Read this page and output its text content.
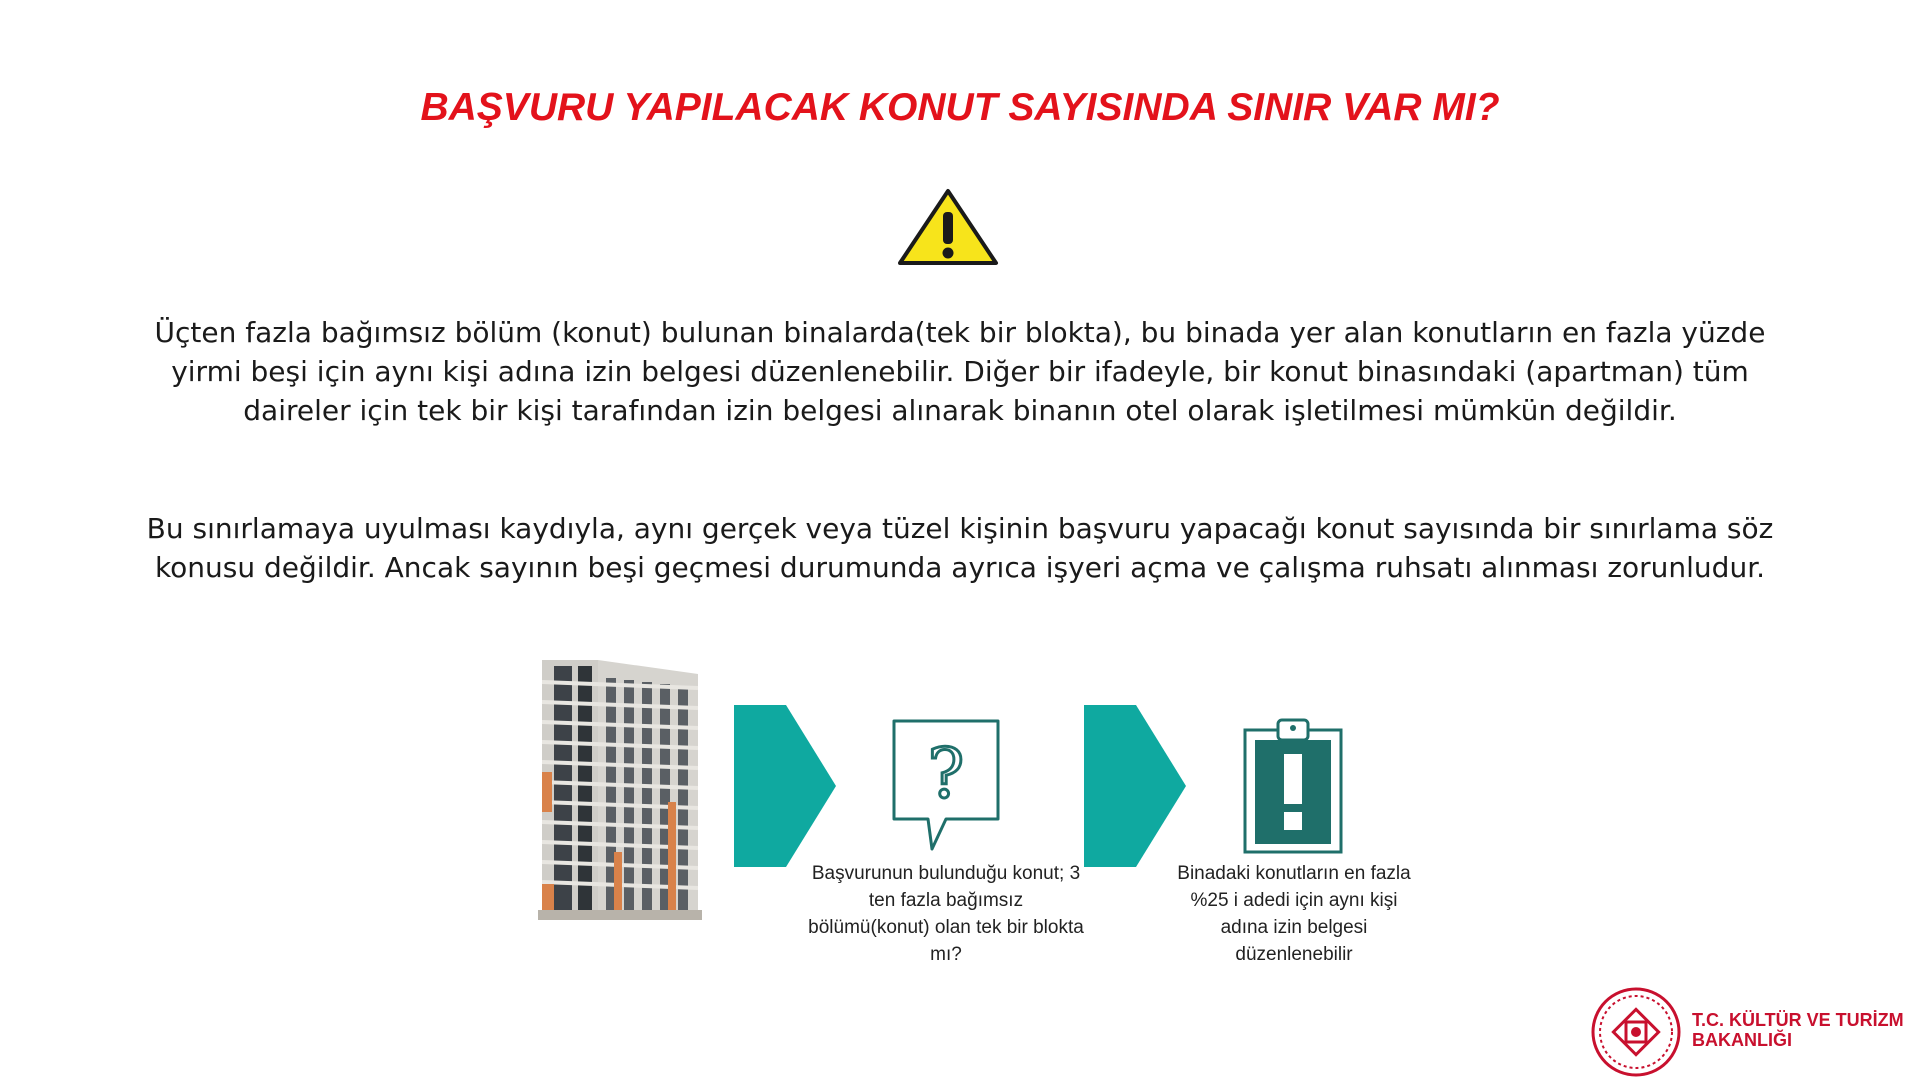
BAŞVURU YAPILACAK KONUT SAYISINDA SINIR VAR MI?

Üçten fazla bağımsız bölüm (konut) bulunan binalarda(tek bir blokta), bu binada yer alan konutların en fazla yüzde yirmi beşi için aynı kişi adına izin belgesi düzenlenebilir. Diğer bir ifadeyle, bir konut binasındaki (apartman) tüm daireler için tek bir kişi tarafından izin belgesi alınarak binanın otel olarak işletilmesi mümkün değildir.

Bu sınırlamaya uyulması kaydıyla, aynı gerçek veya tüzel kişinin başvuru yapacağı konut sayısında bir sınırlama söz konusu değildir. Ancak sayının beşi geçmesi durumunda ayrıca işyeri açma ve çalışma ruhsatı alınması zorunludur.

?

Başvurunun bulunduğu konut; 3 ten fazla bağımsız bölümü(konut) olan tek bir blokta mı?

Binadaki konutların en fazla %25 i adedi için aynı kişi adına izin belgesi düzenlenebilir

T.C. KÜLTÜR VE TURİZM
BAKANLIĞI
